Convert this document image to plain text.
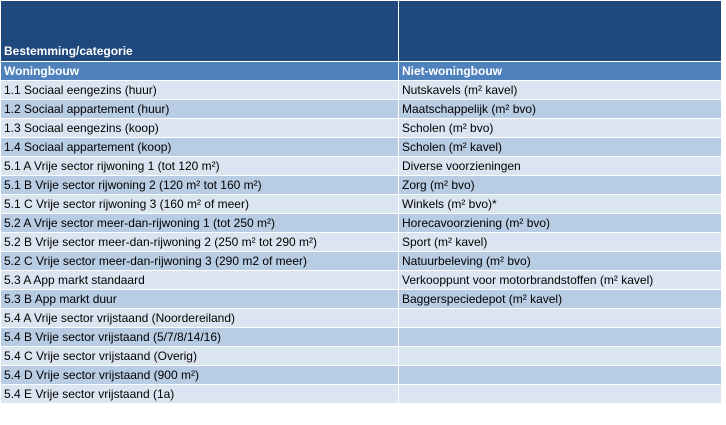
Bestemming/categorie		
Woningbouw	Niet-woningbouw	
1.1 Sociaal eengezins (huur)	Nutskavels (m² kavel)	
1.2 Sociaal appartement (huur)	Maatschappelijk (m² bvo)	
1.3 Sociaal eengezins (koop)	Scholen (m² bvo)	
1.4 Sociaal appartement (koop)	Scholen (m² kavel)	
5.1 A Vrije sector rijwoning 1 (tot 120 m²)	Diverse voorzieningen	
5.1 B Vrije sector rijwoning 2 (120 m² tot 160 m²)	Zorg (m² bvo)	
5.1 C Vrije sector rijwoning 3 (160 m² of meer)	Winkels (m² bvo)*	
5.2 A Vrije sector meer-dan-rijwoning 1 (tot 250 m²)	Horecavoorziening (m² bvo)	
5.2 B Vrije sector meer-dan-rijwoning 2 (250 m² tot 290 m²)	Sport (m² kavel)	
5.2 C Vrije sector meer-dan-rijwoning 3 (290 m2 of meer)	Natuurbeleving (m² bvo)	
5.3 A App markt standaard	Verkooppunt voor motorbrandstoffen (m² kavel)	
5.3 B App markt duur	Baggerspeciedepot (m² kavel)	
5.4 A Vrije sector vrijstaand (Noordereiland)		
5.4 B Vrije sector vrijstaand (5/7/8/14/16)		
5.4 C Vrije sector vrijstaand (Overig)		
5.4 D Vrije sector vrijstaand (900 m²)		
5.4 E Vrije sector vrijstaand (1a)		
